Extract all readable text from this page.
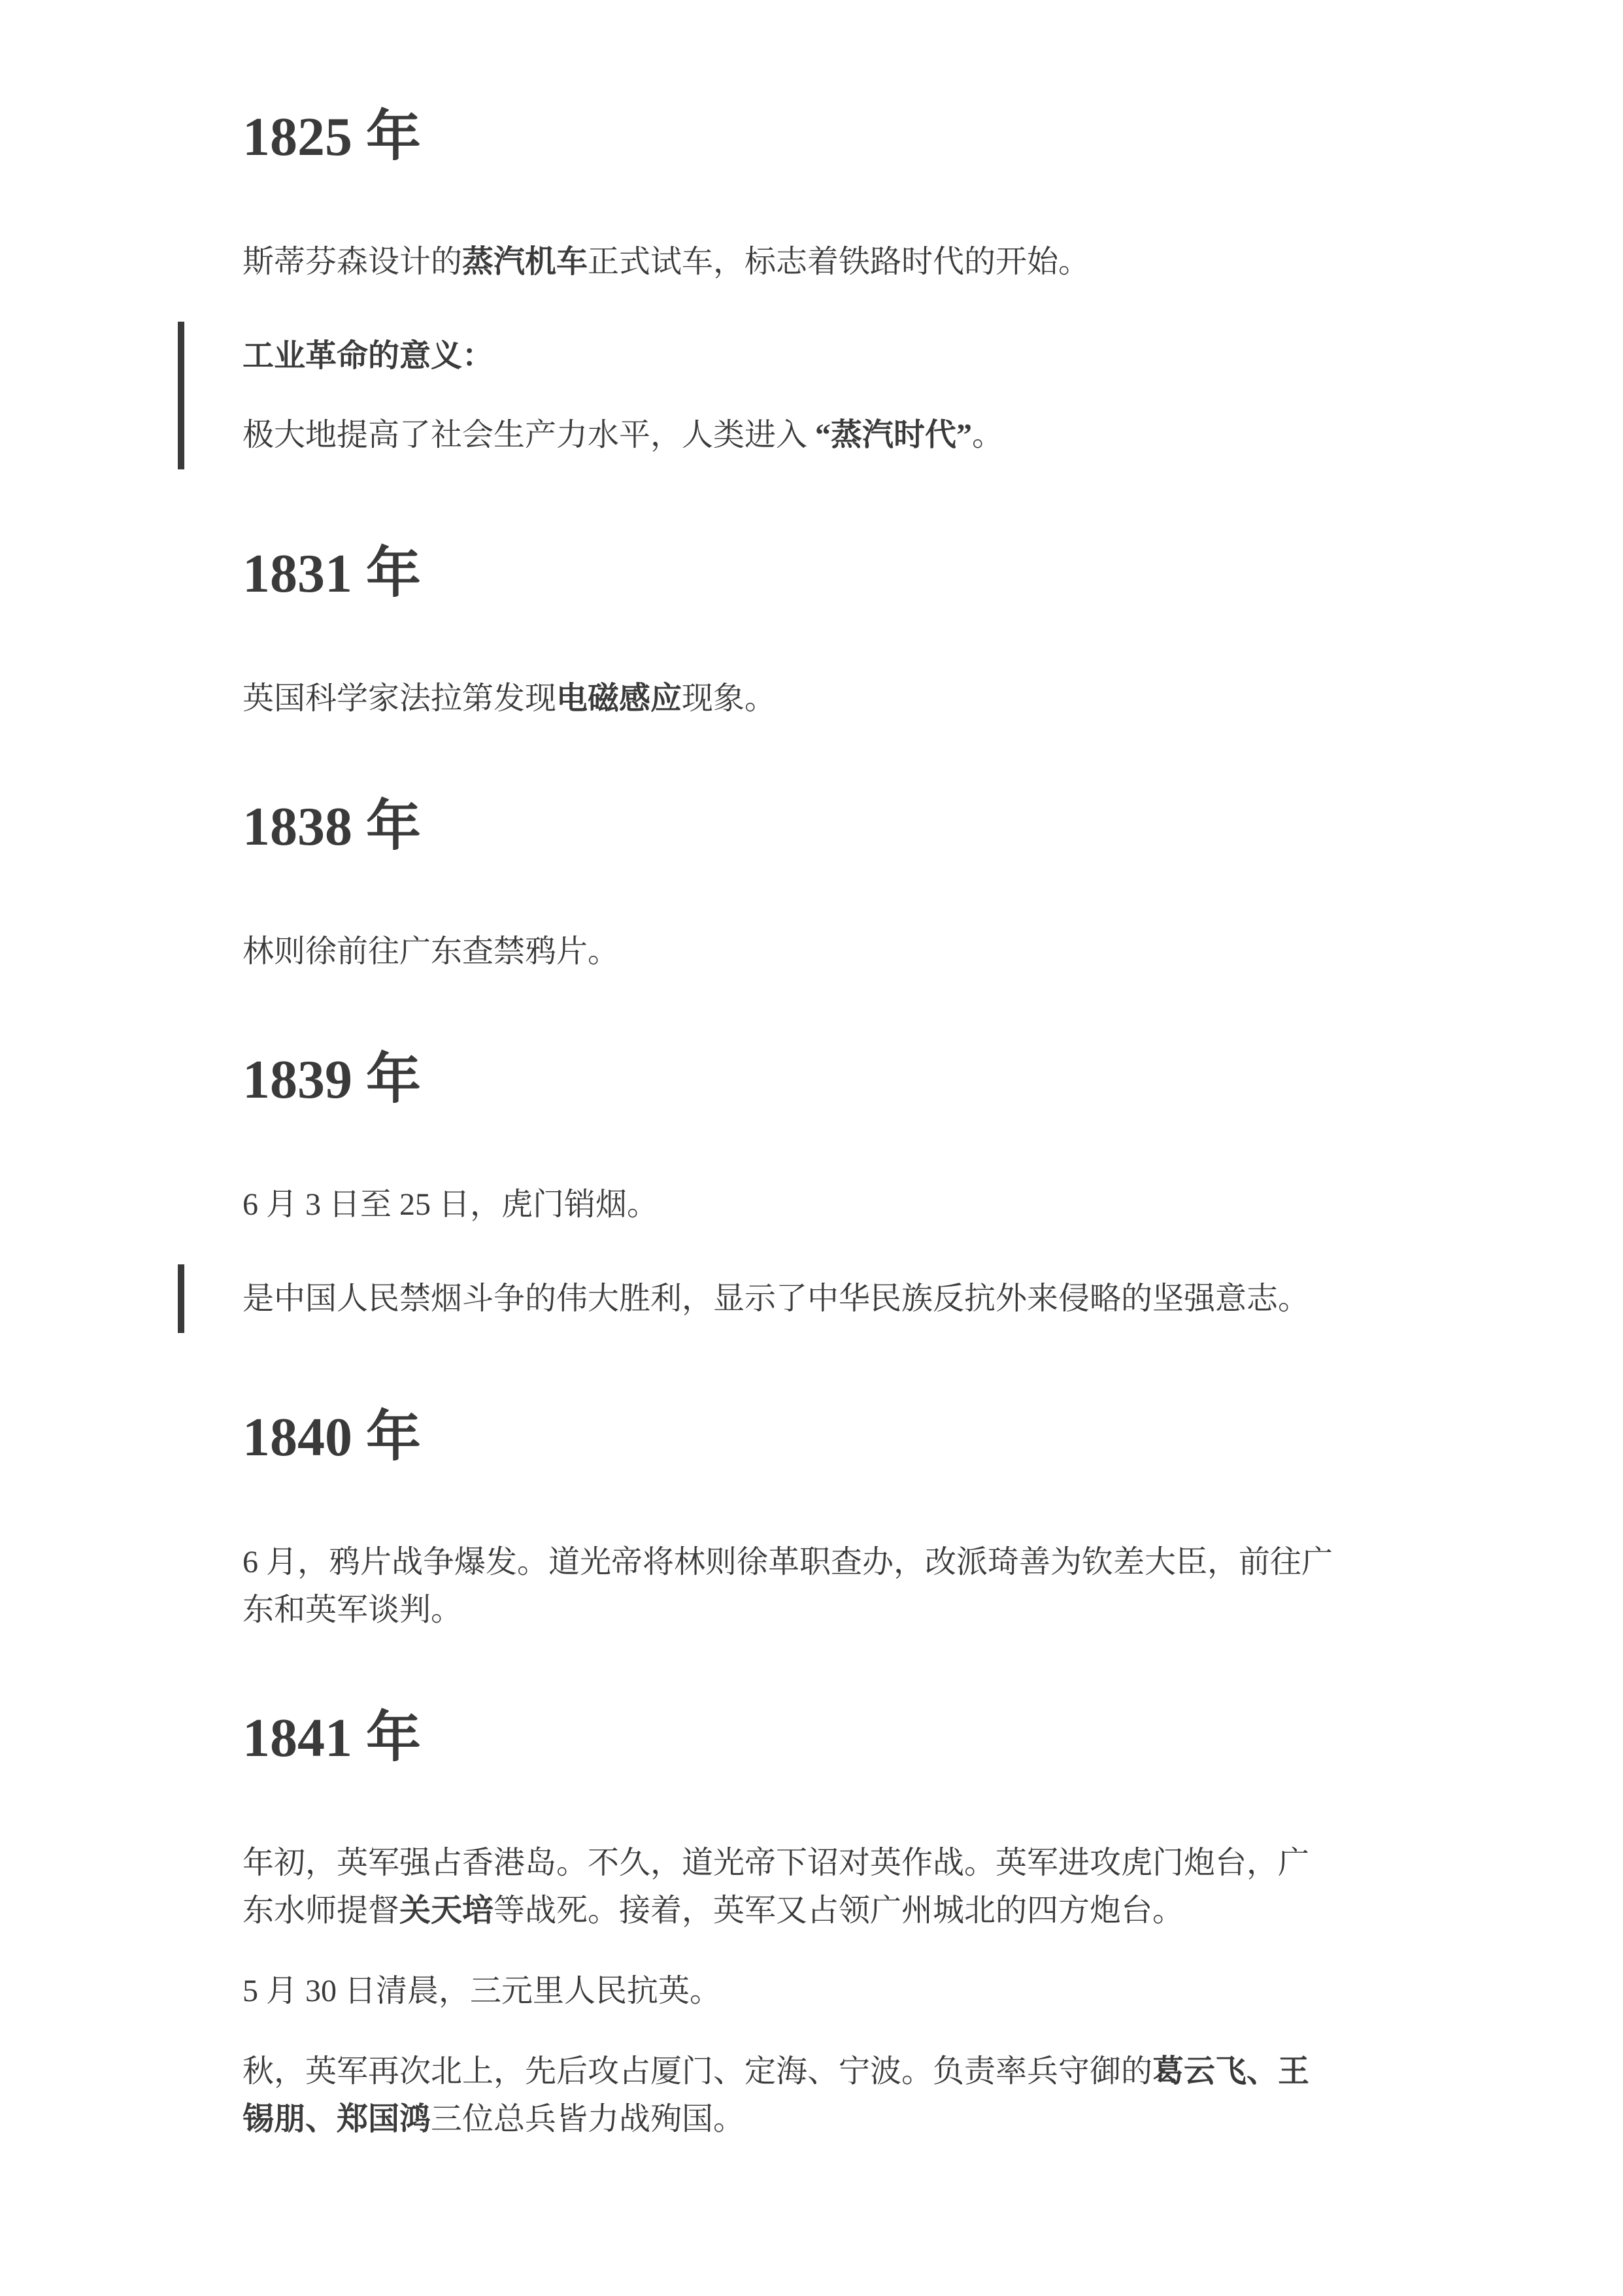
1825 年

斯蒂芬森设计的蒸汽机车正式试车，标志着铁路时代的开始。

工业革命的意义：

极大地提高了社会生产力水平，人类进入 “蒸汽时代”。

1831 年

英国科学家法拉第发现电磁感应现象。

1838 年

林则徐前往广东查禁鸦片。

1839 年

6 月 3 日至 25 日，虎门销烟。

是中国人民禁烟斗争的伟大胜利，显示了中华民族反抗外来侵略的坚强意志。

1840 年

6 月，鸦片战争爆发。道光帝将林则徐革职查办，改派琦善为钦差大臣，前往广
东和英军谈判。

1841 年

年初，英军强占香港岛。不久，道光帝下诏对英作战。英军进攻虎门炮台，广
东水师提督关天培等战死。接着，英军又占领广州城北的四方炮台。

5 月 30 日清晨，三元里人民抗英。

秋，英军再次北上，先后攻占厦门、定海、宁波。负责率兵守御的葛云飞、王
锡朋、郑国鸿三位总兵皆力战殉国。
